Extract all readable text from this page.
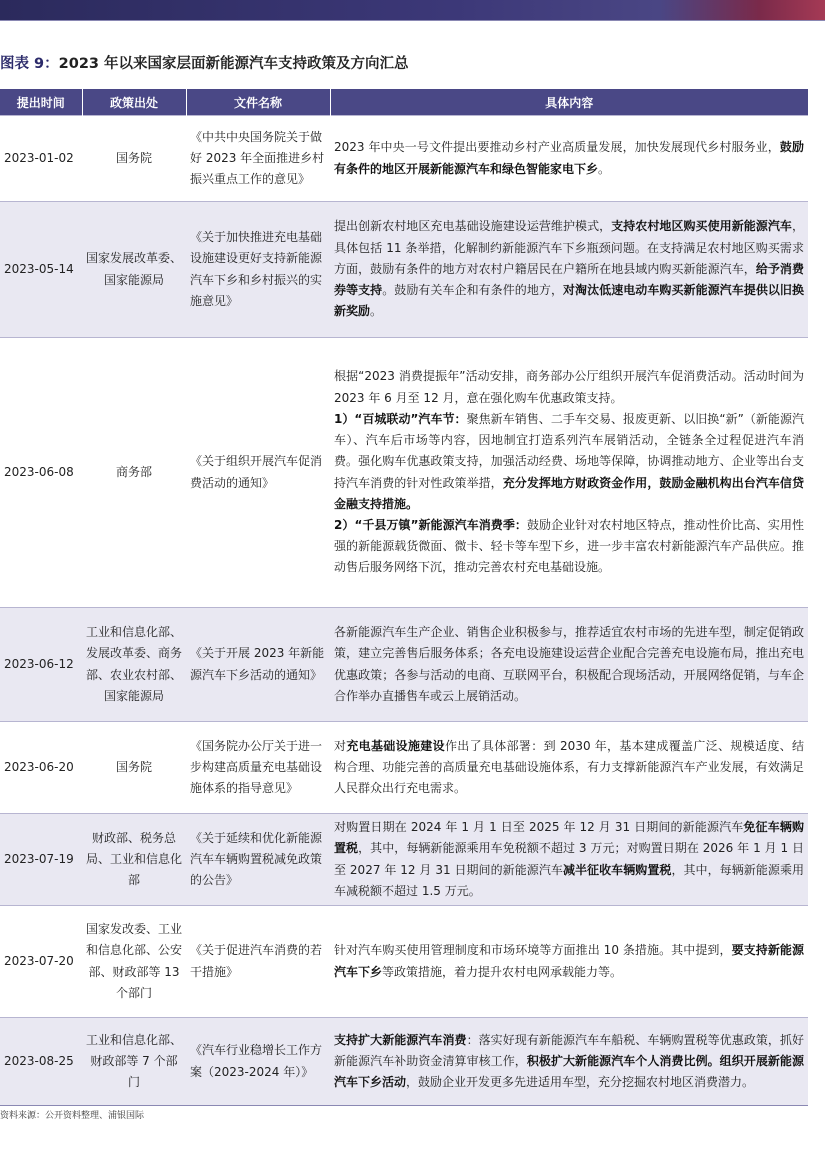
图表 9：2023 年以来国家层面新能源汽车支持政策及方向汇总
提出时间	政策出处	文件名称	具体内容
2023-01-02	国务院	《中共中央国务院关于做好 2023 年全面推进乡村振兴重点工作的意见》	2023 年中央一号文件提出要推动乡村产业高质量发展，加快发展现代乡村服务业，鼓励有条件的地区开展新能源汽车和绿色智能家电下乡。

2023-05-14	国家发展改革委、国家能源局	《关于加快推进充电基础设施建设更好支持新能源汽车下乡和乡村振兴的实施意见》	提出创新农村地区充电基础设施建设运营维护模式，支持农村地区购买使用新能源汽车，具体包括 11 条举措，化解制约新能源汽车下乡瓶颈问题。在支持满足农村地区购买需求方面，鼓励有条件的地方对农村户籍居民在户籍所在地县域内购买新能源汽车，给予消费券等支持。鼓励有关车企和有条件的地方，对淘汰低速电动车购买新能源汽车提供以旧换新奖励。

2023-06-08	商务部	《关于组织开展汽车促消费活动的通知》	根据“2023 消费提振年”活动安排，商务部办公厅组织开展汽车促消费活动。活动时间为 2023 年 6 月至 12 月，意在强化购车优惠政策支持。

1）“百城联动”汽车节：聚焦新车销售、二手车交易、报废更新、以旧换“新”（新能源汽车）、汽车后市场等内容，因地制宜打造系列汽车展销活动，全链条全过程促进汽车消费。强化购车优惠政策支持，加强活动经费、场地等保障，协调推动地方、企业等出台支持汽车消费的针对性政策举措，充分发挥地方财政资金作用，鼓励金融机构出台汽车信贷金融支持措施。

2）“千县万镇”新能源汽车消费季：鼓励企业针对农村地区特点，推动性价比高、实用性强的新能源载货微面、微卡、轻卡等车型下乡，进一步丰富农村新能源汽车产品供应。推动售后服务网络下沉，推动完善农村充电基础设施。

2023-06-12	工业和信息化部、发展改革委、商务部、农业农村部、国家能源局	《关于开展 2023 年新能源汽车下乡活动的通知》	各新能源汽车生产企业、销售企业积极参与，推荐适宜农村市场的先进车型，制定促销政策，建立完善售后服务体系；各充电设施建设运营企业配合完善充电设施布局，推出充电优惠政策；各参与活动的电商、互联网平台，积极配合现场活动，开展网络促销，与车企合作举办直播售车或云上展销活动。

2023-06-20	国务院	《国务院办公厅关于进一步构建高质量充电基础设施体系的指导意见》	对充电基础设施建设作出了具体部署：到 2030 年，基本建成覆盖广泛、规模适度、结构合理、功能完善的高质量充电基础设施体系，有力支撑新能源汽车产业发展，有效满足人民群众出行充电需求。

2023-07-19	财政部、税务总局、工业和信息化部	《关于延续和优化新能源汽车车辆购置税减免政策的公告》	对购置日期在 2024 年 1 月 1 日至 2025 年 12 月 31 日期间的新能源汽车免征车辆购置税，其中，每辆新能源乘用车免税额不超过 3 万元；对购置日期在 2026 年 1 月 1 日至 2027 年 12 月 31 日期间的新能源汽车减半征收车辆购置税，其中，每辆新能源乘用车减税额不超过 1.5 万元。

2023-07-20	国家发改委、工业和信息化部、公安部、财政部等 13 个部门	《关于促进汽车消费的若干措施》	针对汽车购买使用管理制度和市场环境等方面推出 10 条措施。其中提到，要支持新能源汽车下乡等政策措施，着力提升农村电网承载能力等。

2023-08-25	工业和信息化部、财政部等 7 个部门	《汽车行业稳增长工作方案（2023-2024 年）》	支持扩大新能源汽车消费：落实好现有新能源汽车车船税、车辆购置税等优惠政策，抓好新能源汽车补助资金清算审核工作，积极扩大新能源汽车个人消费比例。组织开展新能源汽车下乡活动，鼓励企业开发更多先进适用车型，充分挖掘农村地区消费潜力。

资料来源：公开资料整理、浦银国际
